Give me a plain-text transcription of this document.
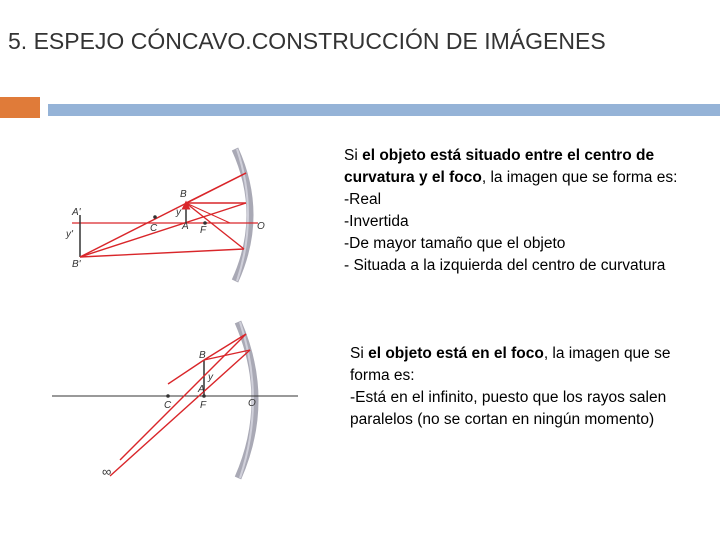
5. ESPEJO CÓNCAVO.CONSTRUCCIÓN DE IMÁGENES
A'
y'
B'
C
B
y
A F	O
B
y
A
C	F	O
∞
Si el objeto está situado entre el centro de curvatura y el foco, la imagen que se forma es:
-Real
-Invertida
-De mayor tamaño que el objeto
- Situada a la izquierda del centro de curvatura
Si el objeto está en el foco, la imagen que se forma es:
-Está en el infinito, puesto que los rayos salen paralelos (no se cortan en ningún momento)
